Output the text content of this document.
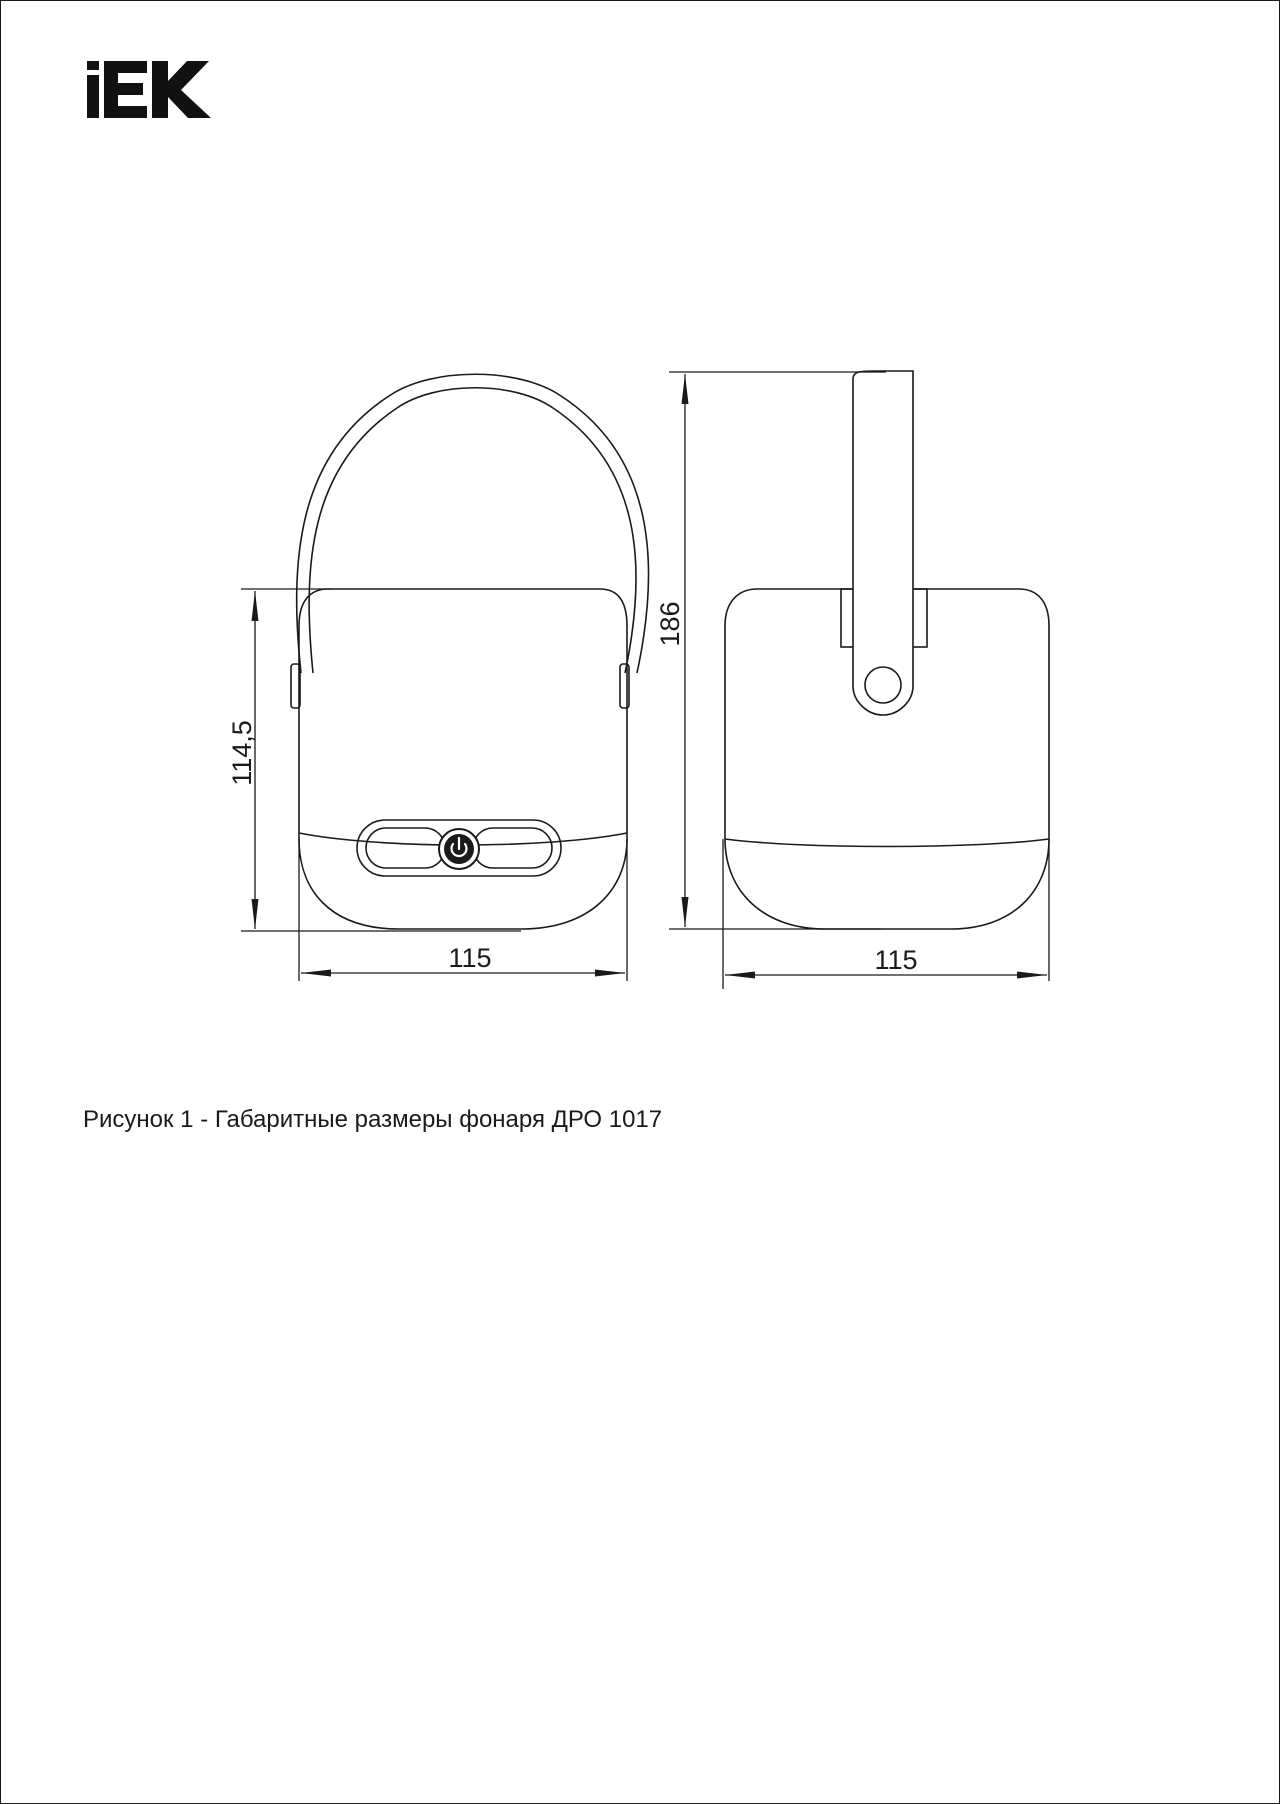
114,5
115
186
115
Рисунок 1 - Габаритные размеры фонаря ДРО 1017
